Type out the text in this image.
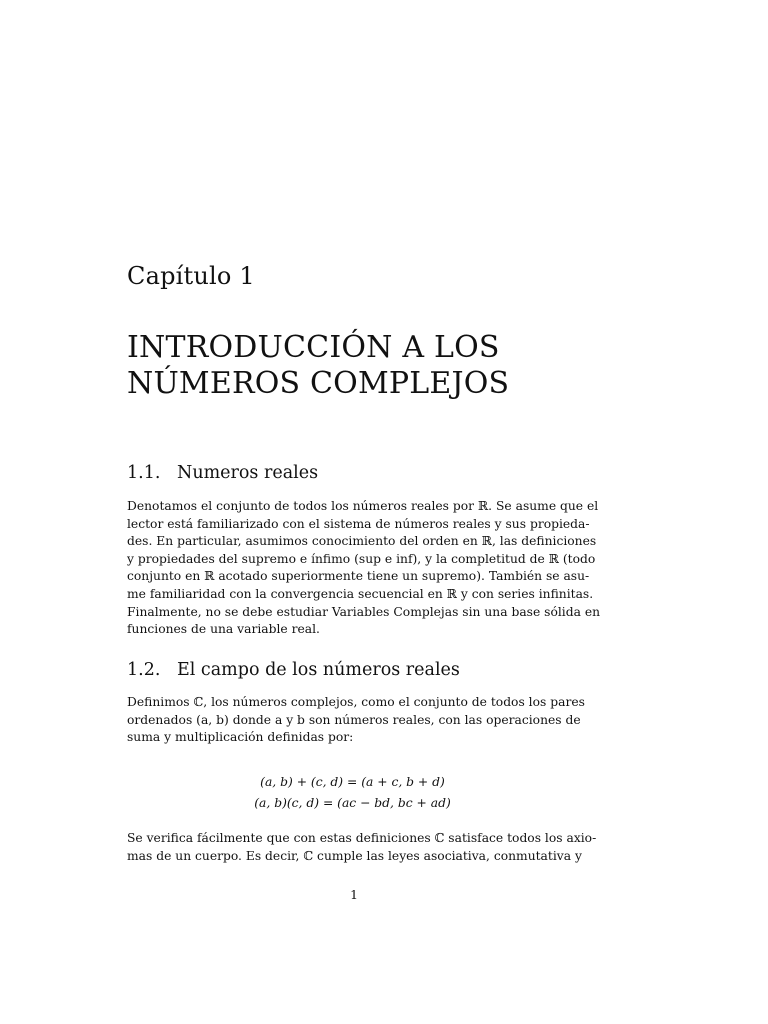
Capítulo 1
INTRODUCCIÓN A LOS
NÚMEROS COMPLEJOS
1.1. Numeros reales
Denotamos el conjunto de todos los números reales por ℝ. Se asume que el
lector está familiarizado con el sistema de números reales y sus propieda-
des. En particular, asumimos conocimiento del orden en ℝ, las definiciones
y propiedades del supremo e ínfimo (sup e inf), y la completitud de ℝ (todo
conjunto en ℝ acotado superiormente tiene un supremo). También se asu-
me familiaridad con la convergencia secuencial en ℝ y con series infinitas.
Finalmente, no se debe estudiar Variables Complejas sin una base sólida en
funciones de una variable real.
1.2. El campo de los números reales
Definimos ℂ, los números complejos, como el conjunto de todos los pares
ordenados (a, b) donde a y b son números reales, con las operaciones de
suma y multiplicación definidas por:
(a, b) + (c, d) = (a + c, b + d)
(a, b)(c, d) = (ac − bd, bc + ad)
Se verifica fácilmente que con estas definiciones ℂ satisface todos los axio-
mas de un cuerpo. Es decir, ℂ cumple las leyes asociativa, conmutativa y
1
